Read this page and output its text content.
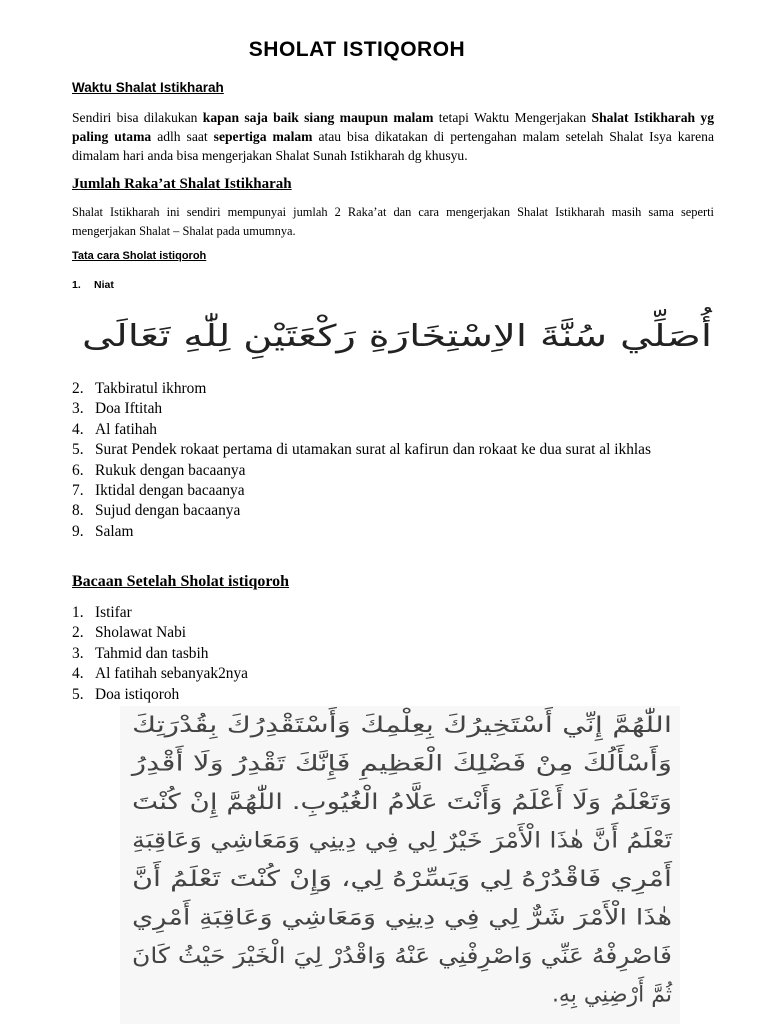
SHOLAT ISTIQOROH
Waktu Shalat Istikharah
Sendiri bisa dilakukan kapan saja baik siang maupun malam tetapi Waktu Mengerjakan Shalat Istikharah yg paling utama adlh saat sepertiga malam atau bisa dikatakan di pertengahan malam setelah Shalat Isya karena dimalam hari anda bisa mengerjakan Shalat Sunah Istikharah dg khusyu.
Jumlah Raka’at Shalat Istikharah
Shalat Istikharah ini sendiri mempunyai jumlah 2 Raka’at dan cara mengerjakan Shalat Istikharah masih sama seperti mengerjakan Shalat – Shalat pada umumnya.
Tata cara Sholat istiqoroh
1. Niat
أُصَلِّي سُنَّةَ الاِسْتِخَارَةِ رَكْعَتَيْنِ لِلّٰهِ تَعَالَى
2. Takbiratul ikhrom
3. Doa Iftitah
4. Al fatihah
5. Surat Pendek rokaat pertama di utamakan surat al kafirun dan rokaat ke dua surat al ikhlas
6. Rukuk dengan bacaanya
7. Iktidal dengan bacaanya
8. Sujud dengan bacaanya
9. Salam
Bacaan Setelah Sholat istiqoroh
1. Istifar
2. Sholawat Nabi
3. Tahmid dan tasbih
4. Al fatihah sebanyak2nya
5. Doa istiqoroh
اللّٰهُمَّ إِنِّي أَسْتَخِيرُكَ بِعِلْمِكَ وَأَسْتَقْدِرُكَ بِقُدْرَتِكَ
وَأَسْأَلُكَ مِنْ فَضْلِكَ الْعَظِيمِ فَإِنَّكَ تَقْدِرُ وَلَا أَقْدِرُ
وَتَعْلَمُ وَلَا أَعْلَمُ وَأَنْتَ عَلَّامُ الْغُيُوبِ. اللّٰهُمَّ إِنْ كُنْتَ
تَعْلَمُ أَنَّ هٰذَا الْأَمْرَ خَيْرٌ لِي فِي دِينِي وَمَعَاشِي وَعَاقِبَةِ
أَمْرِي فَاقْدُرْهُ لِي وَيَسِّرْهُ لِي، وَإِنْ كُنْتَ تَعْلَمُ أَنَّ
هٰذَا الْأَمْرَ شَرٌّ لِي فِي دِينِي وَمَعَاشِي وَعَاقِبَةِ أَمْرِي
فَاصْرِفْهُ عَنِّي وَاصْرِفْنِي عَنْهُ وَاقْدُرْ لِيَ الْخَيْرَ حَيْثُ كَانَ
ثُمَّ أَرْضِنِي بِهِ.
